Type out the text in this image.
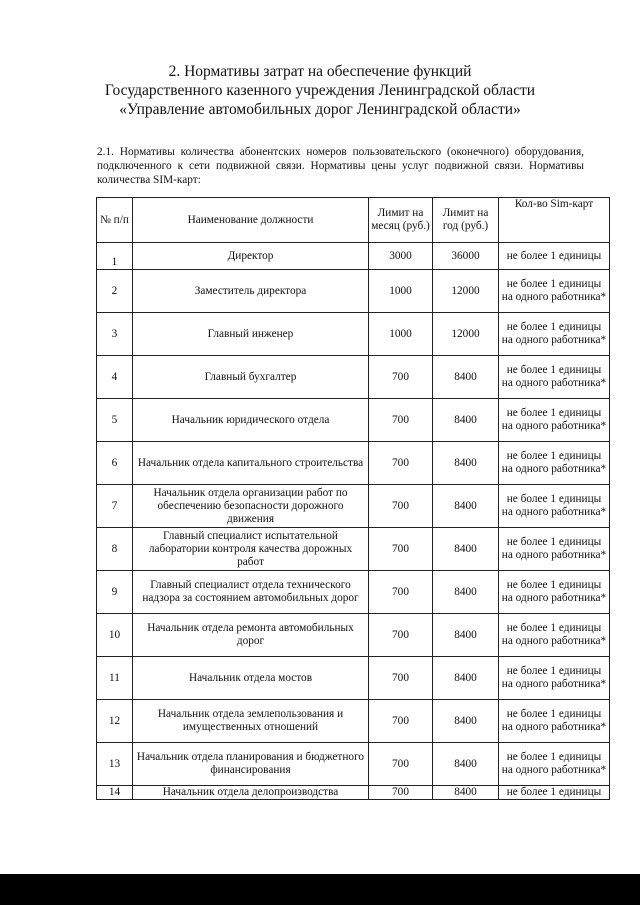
2. Нормативы затрат на обеспечение функций
Государственного казенного учреждения Ленинградской области
«Управление автомобильных дорог Ленинградской области»
2.1. Нормативы количества абонентских номеров пользовательского (оконечного) оборудования, подключенного к сети подвижной связи. Нормативы цены услуг подвижной связи. Нормативы количества SIM-карт:
№ п/п	Наименование должности	Лимит на месяц (руб.)	Лимит на год (руб.)	Кол-во Sim-карт
1	Директор	3000	36000	не более 1 единицы
2	Заместитель директора	1000	12000	не более 1 единицы на одного работника*
3	Главный инженер	1000	12000	не более 1 единицы на одного работника*
4	Главный бухгалтер	700	8400	не более 1 единицы на одного работника*
5	Начальник юридического отдела	700	8400	не более 1 единицы на одного работника*
6	Начальник отдела капитального строительства	700	8400	не более 1 единицы на одного работника*
7	Начальник отдела организации работ по обеспечению безопасности дорожного движения	700	8400	не более 1 единицы на одного работника*
8	Главный специалист испытательной лаборатории контроля качества дорожных работ	700	8400	не более 1 единицы на одного работника*
9	Главный специалист отдела технического надзора за состоянием автомобильных дорог	700	8400	не более 1 единицы на одного работника*
10	Начальник отдела ремонта автомобильных дорог	700	8400	не более 1 единицы на одного работника*
11	Начальник отдела мостов	700	8400	не более 1 единицы на одного работника*
12	Начальник отдела землепользования и имущественных отношений	700	8400	не более 1 единицы на одного работника*
13	Начальник отдела планирования и бюджетного финансирования	700	8400	не более 1 единицы на одного работника*
14	Начальник отдела делопроизводства	700	8400	не более 1 единицы
